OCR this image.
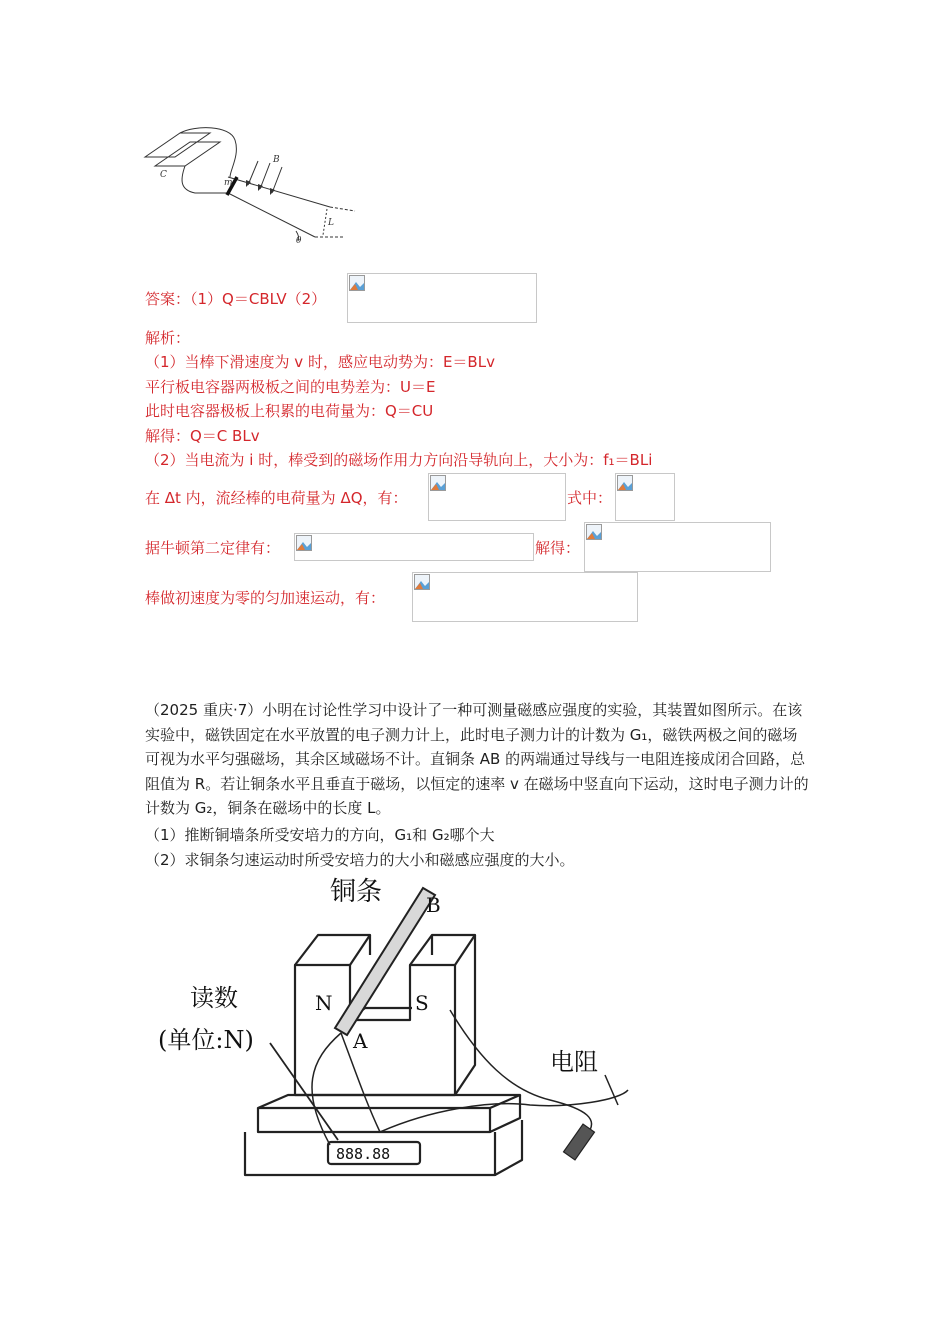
C
B
m
L
θ
答案：（1）Q＝CBLV（2）
解析：
（1）当棒下滑速度为 v 时，感应电动势为：E＝BLv
平行板电容器两极板之间的电势差为：U＝E
此时电容器极板上积累的电荷量为：Q＝CU
解得：Q＝C BLv
（2）当电流为 i 时，棒受到的磁场作用力方向沿导轨向上，大小为：f₁＝BLi
在 Δt 内，流经棒的电荷量为 ΔQ，有：	式中：
据牛顿第二定律有：	解得：
棒做初速度为零的匀加速运动，有：
（2025 重庆·7）小明在讨论性学习中设计了一种可测量磁感应强度的实验，其装置如图所示。在该实验中，磁铁固定在水平放置的电子测力计上，此时电子测力计的计数为 G₁，磁铁两极之间的磁场可视为水平匀强磁场，其余区域磁场不计。直铜条 AB 的两端通过导线与一电阻连接成闭合回路，总阻值为 R。若让铜条水平且垂直于磁场，以恒定的速率 v 在磁场中竖直向下运动，这时电子测力计的计数为 G₂，铜条在磁场中的长度 L。
（1）推断铜墙条所受安培力的方向，G₁和 G₂哪个大
（2）求铜条匀速运动时所受安培力的大小和磁感应强度的大小。
铜条 B
N	S
A
读数
(单位:N)
电阻
888.88
